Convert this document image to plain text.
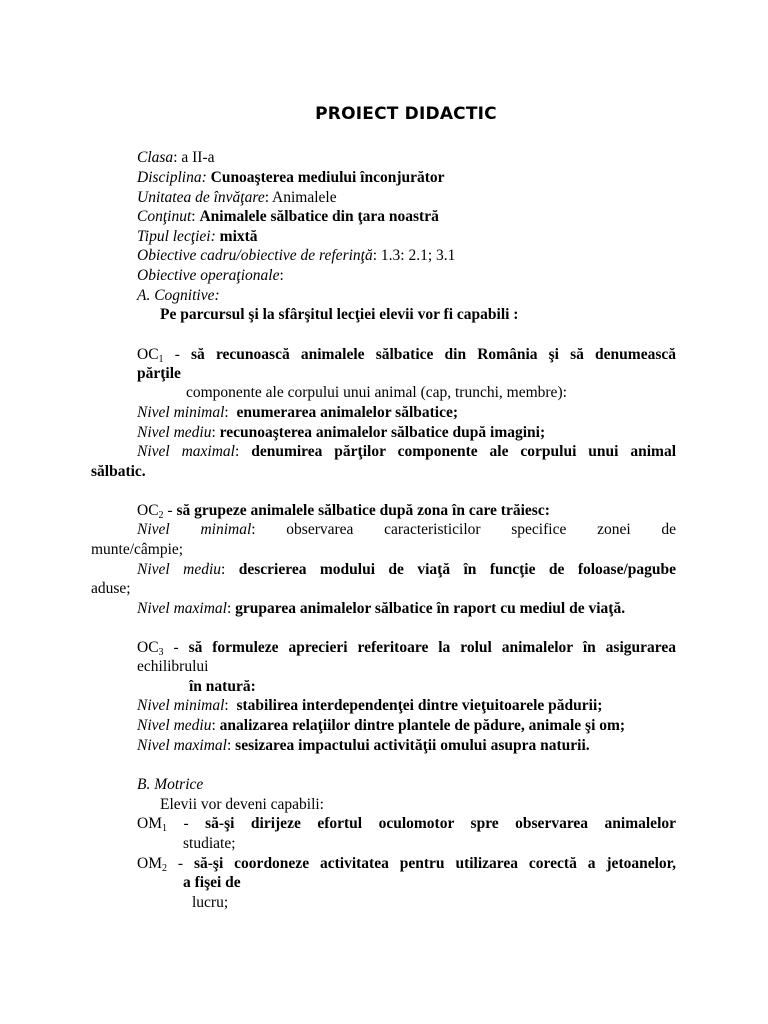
PROIECT DIDACTIC
Clasa: a II-a
Disciplina: Cunoaşterea mediului înconjurător
Unitatea de învăţare: Animalele
Conţinut: Animalele sălbatice din ţara noastră
Tipul lecţiei: mixtă
Obiective cadru/obiective de referinţă: 1.3: 2.1; 3.1
Obiective operaţionale:
A. Cognitive:
Pe parcursul şi la sfârşitul lecţiei elevii vor fi capabili :
$OC_1$ - să recunoască animalele sălbatice din România şi să denumească
părţile
componente ale corpului unui animal (cap, trunchi, membre):
Nivel minimal:  enumerarea animalelor sălbatice;
Nivel mediu: recunoaşterea animalelor sălbatice după imagini;
Nivel maximal: denumirea părţilor componente ale corpului unui animal
sălbatic.
$OC_2$ - să grupeze animalele sălbatice după zona în care trăiesc:
Nivel minimal: observarea caracteristicilor specifice zonei de
munte/câmpie;
Nivel mediu: descrierea modului de viaţă în funcţie de foloase/pagube
aduse;
Nivel maximal: gruparea animalelor sălbatice în raport cu mediul de viaţă.
$OC_3$ - să formuleze aprecieri referitoare la rolul animalelor în asigurarea
echilibrului
în natură:
Nivel minimal:  stabilirea interdependenţei dintre vieţuitoarele pădurii;
Nivel mediu: analizarea relaţiilor dintre plantele de pădure, animale şi om;
Nivel maximal: sesizarea impactului activităţii omului asupra naturii.
B. Motrice
Elevii vor deveni capabili:
$OM_1$ - să-şi dirijeze efortul oculomotor spre observarea animalelor
studiate;
$OM_2$ - să-şi coordoneze activitatea pentru utilizarea corectă a jetoanelor,
a fişei de
lucru;
